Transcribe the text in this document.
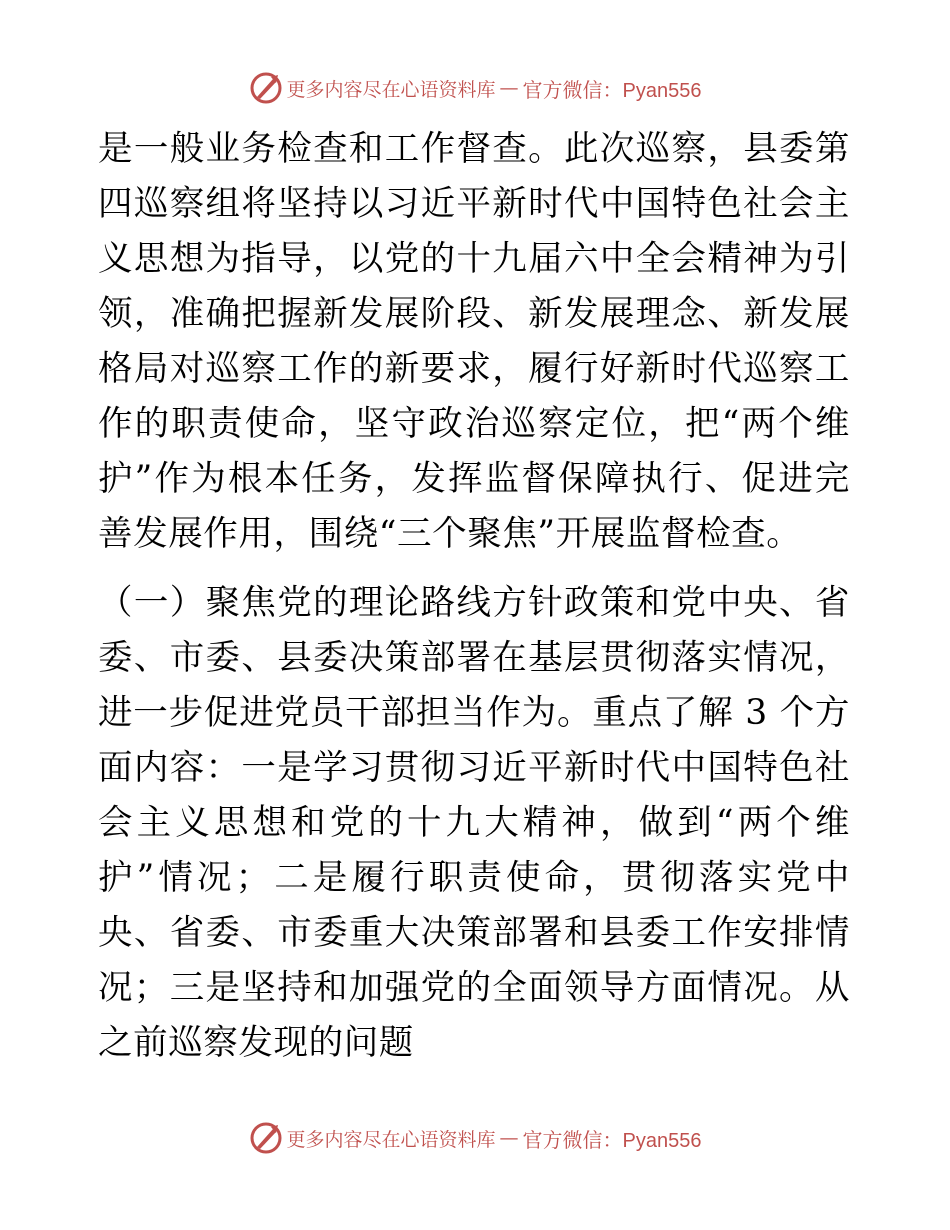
更多内容尽在心语资料库 — 官方微信：Pyan556

是一般业务检查和工作督查。此次巡察，县委第四巡察组将坚持以习近平新时代中国特色社会主义思想为指导，以党的十九届六中全会精神为引领，准确把握新发展阶段、新发展理念、新发展格局对巡察工作的新要求，履行好新时代巡察工作的职责使命，坚守政治巡察定位，把“两个维护”作为根本任务，发挥监督保障执行、促进完善发展作用，围绕“三个聚焦”开展监督检查。

（一）聚焦党的理论路线方针政策和党中央、省委、市委、县委决策部署在基层贯彻落实情况，进一步促进党员干部担当作为。重点了解 3 个方面内容：一是学习贯彻习近平新时代中国特色社会主义思想和党的十九大精神，做到“两个维护”情况；二是履行职责使命，贯彻落实党中央、省委、市委重大决策部署和县委工作安排情况；三是坚持和加强党的全面领导方面情况。从之前巡察发现的问题

更多内容尽在心语资料库 — 官方微信：Pyan556
